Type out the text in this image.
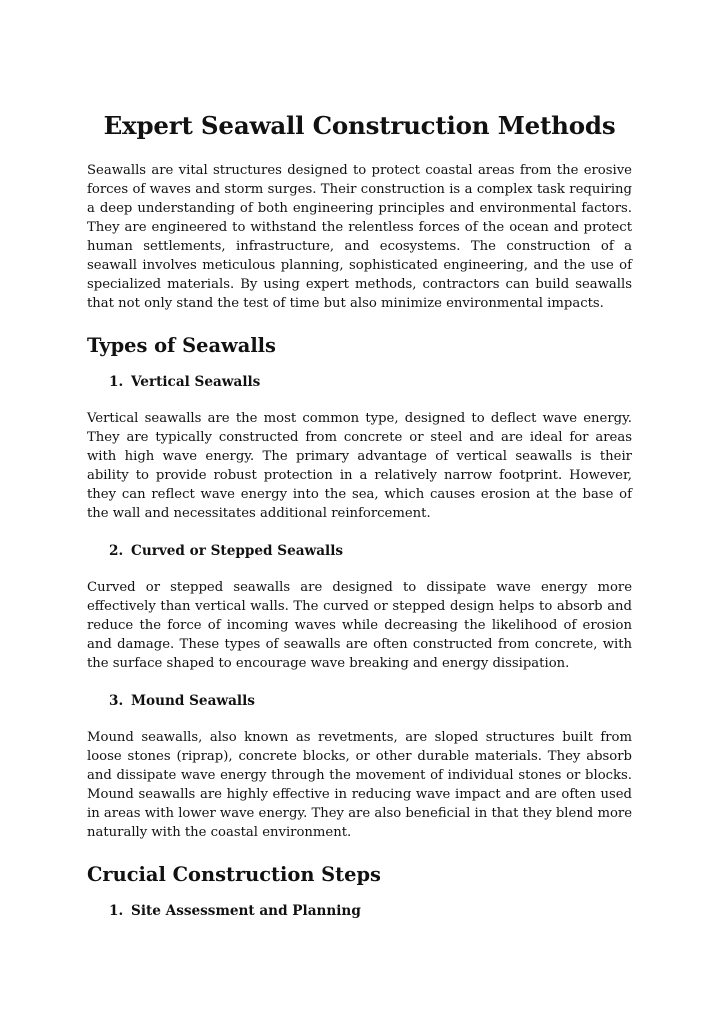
Expert Seawall Construction Methods

Seawalls are vital structures designed to protect coastal areas from the erosive forces of waves and storm surges. Their construction is a complex task requiring a deep understanding of both engineering principles and environmental factors. They are engineered to withstand the relentless forces of the ocean and protect human settlements, infrastructure, and ecosystems. The construction of a seawall involves meticulous planning, sophisticated engineering, and the use of specialized materials. By using expert methods, contractors can build seawalls that not only stand the test of time but also minimize environmental impacts.

Types of Seawalls
1. Vertical Seawalls

Vertical seawalls are the most common type, designed to deflect wave energy. They are typically constructed from concrete or steel and are ideal for areas with high wave energy. The primary advantage of vertical seawalls is their ability to provide robust protection in a relatively narrow footprint. However, they can reflect wave energy into the sea, which causes erosion at the base of the wall and necessitates additional reinforcement.

2. Curved or Stepped Seawalls

Curved or stepped seawalls are designed to dissipate wave energy more effectively than vertical walls. The curved or stepped design helps to absorb and reduce the force of incoming waves while decreasing the likelihood of erosion and damage. These types of seawalls are often constructed from concrete, with the surface shaped to encourage wave breaking and energy dissipation.

3. Mound Seawalls

Mound seawalls, also known as revetments, are sloped structures built from loose stones (riprap), concrete blocks, or other durable materials. They absorb and dissipate wave energy through the movement of individual stones or blocks. Mound seawalls are highly effective in reducing wave impact and are often used in areas with lower wave energy. They are also beneficial in that they blend more naturally with the coastal environment.

Crucial Construction Steps
1. Site Assessment and Planning
